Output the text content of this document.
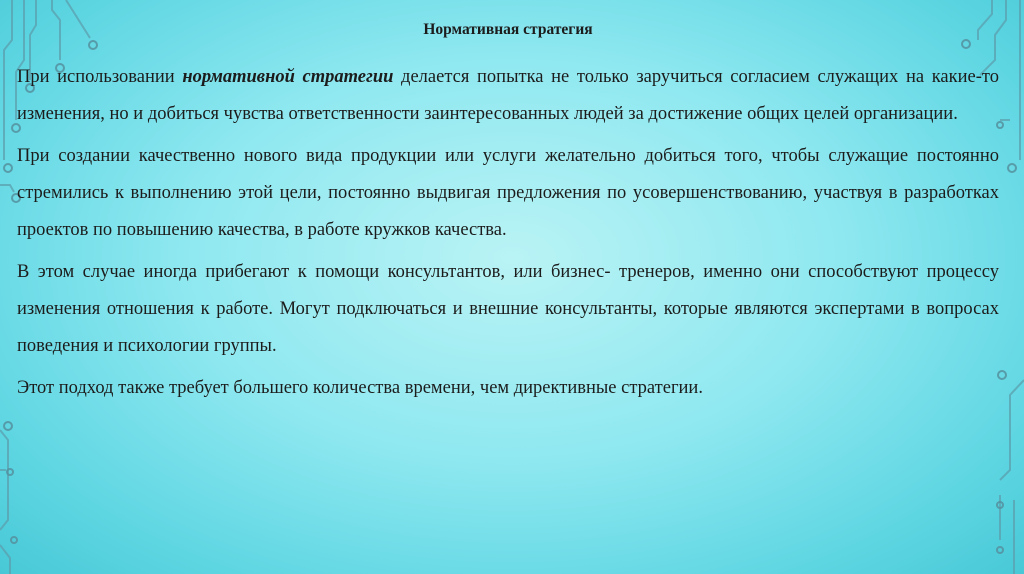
Нормативная стратегия

При использовании нормативной стратегии делается попытка не только заручиться согласием служащих на какие-то изменения, но и добиться чувства ответственности заинтересованных людей за достижение общих целей организации.

При создании качественно нового вида продукции или услуги желательно добиться того, чтобы служащие постоянно стремились к выполнению этой цели, постоянно выдвигая предложения по усовершенствованию, участвуя в разработках проектов по повышению качества, в работе кружков качества.

В этом случае иногда прибегают к помощи консультантов, или бизнес- тренеров, именно они способствуют процессу изменения отношения к работе. Могут подключаться и внешние консультанты, которые являются экспертами в вопросах поведения и психологии группы.

Этот подход также требует большего количества времени, чем директивные стратегии.
